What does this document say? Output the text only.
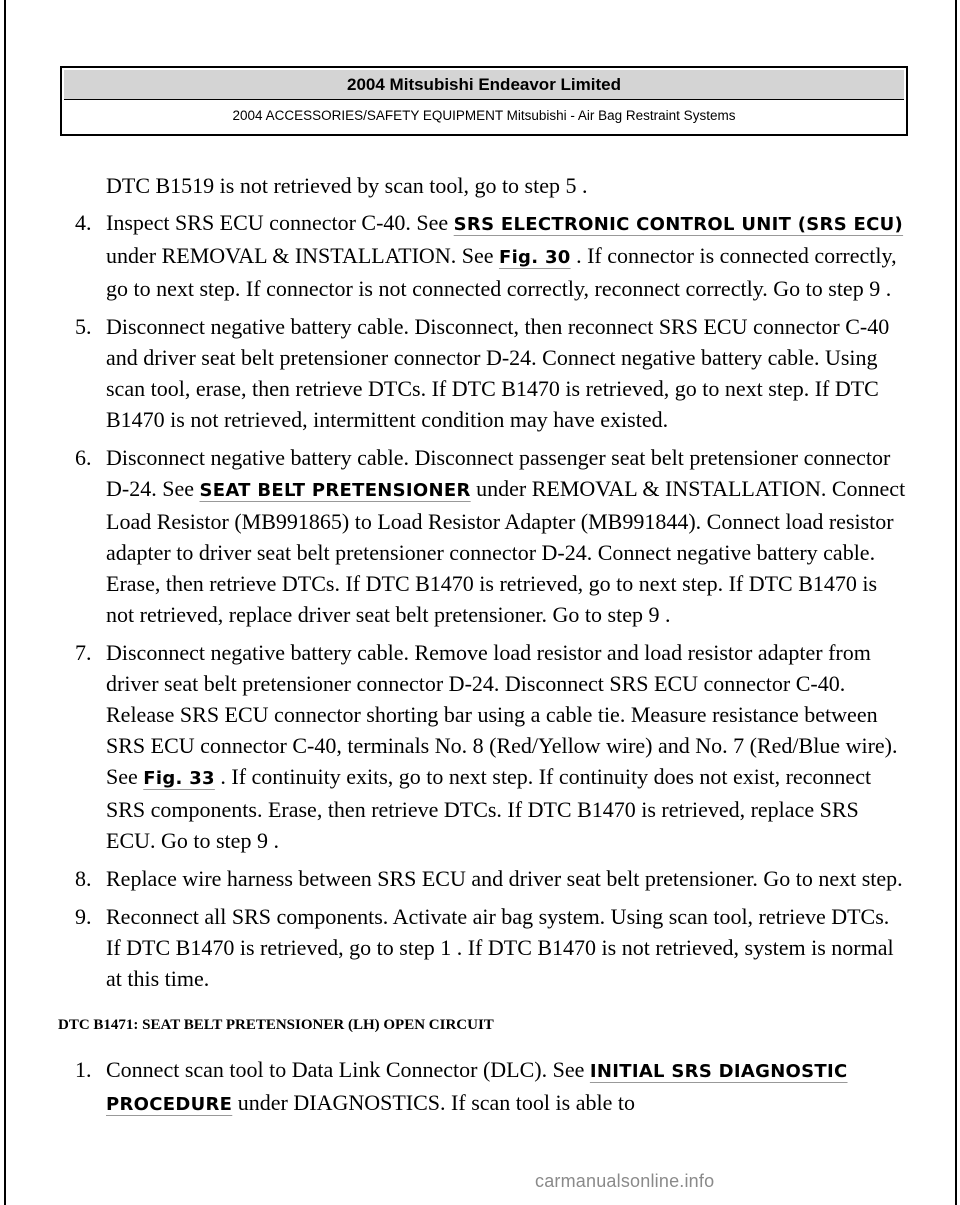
2004 Mitsubishi Endeavor Limited
2004 ACCESSORIES/SAFETY EQUIPMENT Mitsubishi - Air Bag Restraint Systems

DTC B1519 is not retrieved by scan tool, go to step 5 .

4. Inspect SRS ECU connector C-40. See SRS ELECTRONIC CONTROL UNIT (SRS ECU) under REMOVAL & INSTALLATION. See Fig. 30 . If connector is connected correctly, go to next step. If connector is not connected correctly, reconnect correctly. Go to step 9 .
5. Disconnect negative battery cable. Disconnect, then reconnect SRS ECU connector C-40 and driver seat belt pretensioner connector D-24. Connect negative battery cable. Using scan tool, erase, then retrieve DTCs. If DTC B1470 is retrieved, go to next step. If DTC B1470 is not retrieved, intermittent condition may have existed.
6. Disconnect negative battery cable. Disconnect passenger seat belt pretensioner connector D-24. See SEAT BELT PRETENSIONER under REMOVAL & INSTALLATION. Connect Load Resistor (MB991865) to Load Resistor Adapter (MB991844). Connect load resistor adapter to driver seat belt pretensioner connector D-24. Connect negative battery cable. Erase, then retrieve DTCs. If DTC B1470 is retrieved, go to next step. If DTC B1470 is not retrieved, replace driver seat belt pretensioner. Go to step 9 .
7. Disconnect negative battery cable. Remove load resistor and load resistor adapter from driver seat belt pretensioner connector D-24. Disconnect SRS ECU connector C-40. Release SRS ECU connector shorting bar using a cable tie. Measure resistance between SRS ECU connector C-40, terminals No. 8 (Red/Yellow wire) and No. 7 (Red/Blue wire). See Fig. 33 . If continuity exits, go to next step. If continuity does not exist, reconnect SRS components. Erase, then retrieve DTCs. If DTC B1470 is retrieved, replace SRS ECU. Go to step 9 .
8. Replace wire harness between SRS ECU and driver seat belt pretensioner. Go to next step.
9. Reconnect all SRS components. Activate air bag system. Using scan tool, retrieve DTCs. If DTC B1470 is retrieved, go to step 1 . If DTC B1470 is not retrieved, system is normal at this time.
DTC B1471: SEAT BELT PRETENSIONER (LH) OPEN CIRCUIT
1. Connect scan tool to Data Link Connector (DLC). See INITIAL SRS DIAGNOSTIC PROCEDURE under DIAGNOSTICS. If scan tool is able to
carmanualsonline.info
